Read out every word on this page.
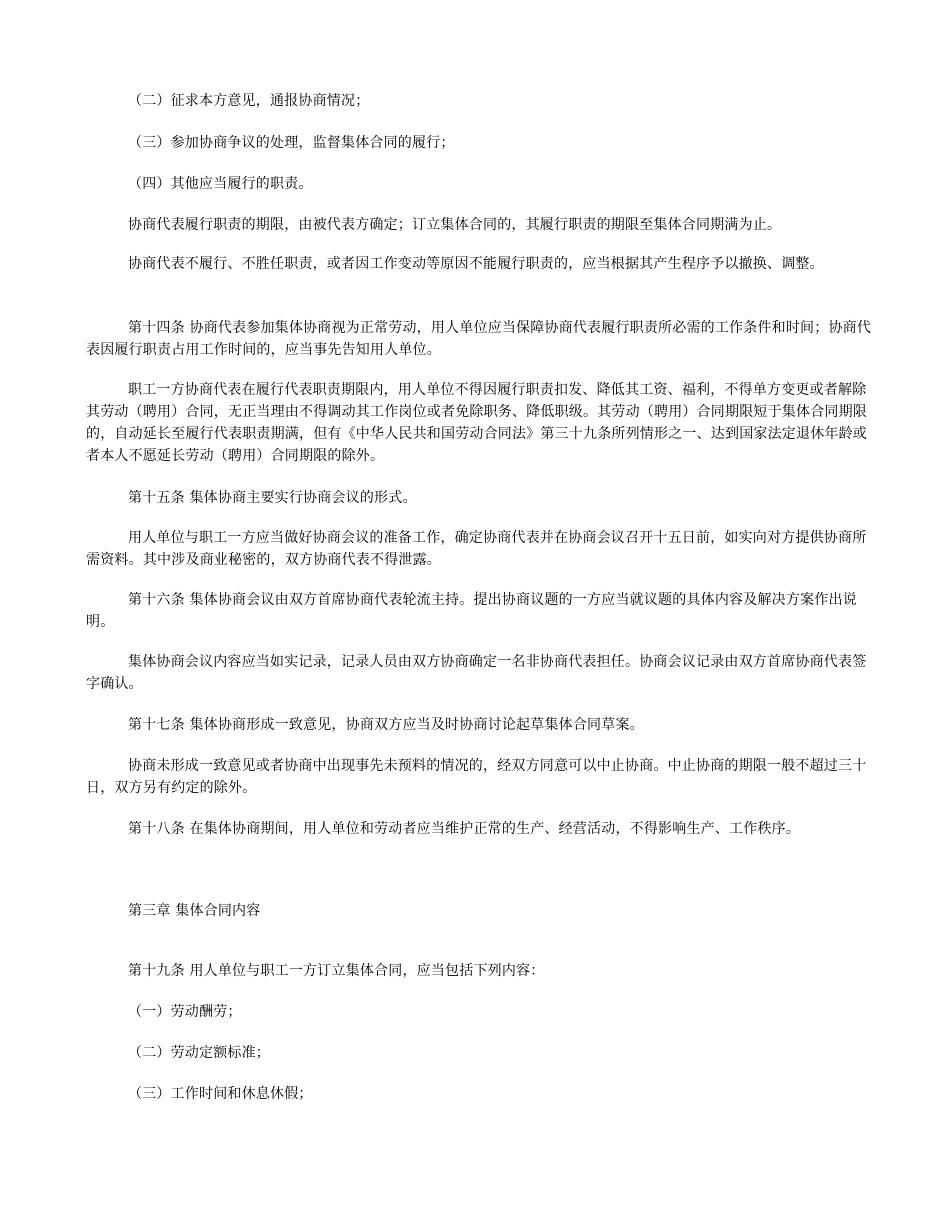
（二）征求本方意见，通报协商情况；
（三）参加协商争议的处理，监督集体合同的履行；
（四）其他应当履行的职责。
协商代表履行职责的期限，由被代表方确定；订立集体合同的，其履行职责的期限至集体合同期满为止。
协商代表不履行、不胜任职责，或者因工作变动等原因不能履行职责的，应当根据其产生程序予以撤换、调整。
第十四条 协商代表参加集体协商视为正常劳动，用人单位应当保障协商代表履行职责所必需的工作条件和时间；协商代表因履行职责占用工作时间的，应当事先告知用人单位。
职工一方协商代表在履行代表职责期限内，用人单位不得因履行职责扣发、降低其工资、福利，不得单方变更或者解除其劳动（聘用）合同，无正当理由不得调动其工作岗位或者免除职务、降低职级。其劳动（聘用）合同期限短于集体合同期限的，自动延长至履行代表职责期满，但有《中华人民共和国劳动合同法》第三十九条所列情形之一、达到国家法定退休年龄或者本人不愿延长劳动（聘用）合同期限的除外。
第十五条 集体协商主要实行协商会议的形式。
用人单位与职工一方应当做好协商会议的准备工作，确定协商代表并在协商会议召开十五日前，如实向对方提供协商所需资料。其中涉及商业秘密的，双方协商代表不得泄露。
第十六条 集体协商会议由双方首席协商代表轮流主持。提出协商议题的一方应当就议题的具体内容及解决方案作出说明。
集体协商会议内容应当如实记录，记录人员由双方协商确定一名非协商代表担任。协商会议记录由双方首席协商代表签字确认。
第十七条 集体协商形成一致意见，协商双方应当及时协商讨论起草集体合同草案。
协商未形成一致意见或者协商中出现事先未预料的情况的，经双方同意可以中止协商。中止协商的期限一般不超过三十日，双方另有约定的除外。
第十八条 在集体协商期间，用人单位和劳动者应当维护正常的生产、经营活动，不得影响生产、工作秩序。
第三章 集体合同内容
第十九条 用人单位与职工一方订立集体合同，应当包括下列内容：
（一）劳动酬劳；
（二）劳动定额标准；
（三）工作时间和休息休假；
